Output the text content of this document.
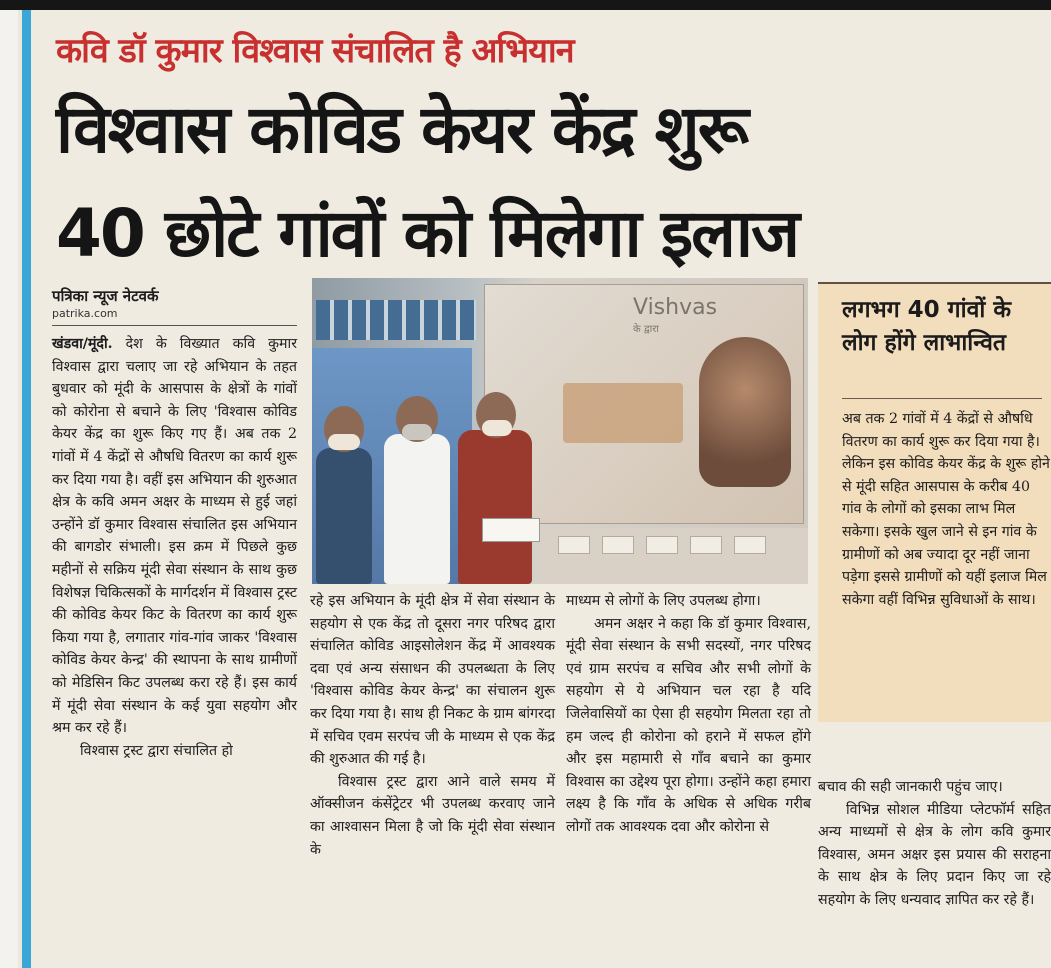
कवि डॉ कुमार विश्वास संचालित है अभियान
विश्वास कोविड केयर केंद्र शुरू
40 छोटे गांवों को मिलेगा इलाज
पत्रिका न्यूज नेटवर्क
patrika.com

खंडवा/मूंदी. देश के विख्यात कवि कुमार विश्वास द्वारा चलाए जा रहे अभियान के तहत बुधवार को मूंदी के आसपास के क्षेत्रों के गांवों को कोरोना से बचाने के लिए 'विश्वास कोविड केयर केंद्र का शुरू किए गए हैं। अब तक 2 गांवों में 4 केंद्रों से औषधि वितरण का कार्य शुरू कर दिया गया है। वहीं इस अभियान की शुरुआत क्षेत्र के कवि अमन अक्षर के माध्यम से हुई जहां उन्होंने डॉ कुमार विश्वास संचालित इस अभियान की बागडोर संभाली। इस क्रम में पिछले कुछ महीनों से सक्रिय मूंदी सेवा संस्थान के साथ कुछ विशेषज्ञ चिकित्सकों के मार्गदर्शन में विश्वास ट्रस्ट की कोविड केयर किट के वितरण का कार्य शुरू किया गया है, लगातार गांव-गांव जाकर 'विश्वास कोविड केयर केन्द्र' की स्थापना के साथ ग्रामीणों को मेडिसिन किट उपलब्ध करा रहे हैं। इस कार्य में मूंदी सेवा संस्थान के कई युवा सहयोग और श्रम कर रहे हैं।

विश्वास ट्रस्ट द्वारा संचालित हो

Vishvas
के द्वारा
लगभग 40 गांवों के लोग होंगे लाभान्वित

अब तक 2 गांवों में 4 केंद्रों से औषधि वितरण का कार्य शुरू कर दिया गया है। लेकिन इस कोविड केयर केंद्र के शुरू होने से मूंदी सहित आसपास के करीब 40 गांव के लोगों को इसका लाभ मिल सकेगा। इसके खुल जाने से इन गांव के ग्रामीणों को अब ज्यादा दूर नहीं जाना पड़ेगा इससे ग्रामीणों को यहीं इलाज मिल सकेगा वहीं विभिन्न सुविधाओं के साथ।

रहे इस अभियान के मूंदी क्षेत्र में सेवा संस्थान के सहयोग से एक केंद्र तो दूसरा नगर परिषद द्वारा संचालित कोविड आइसोलेशन केंद्र में आवश्यक दवा एवं अन्य संसाधन की उपलब्धता के लिए 'विश्वास कोविड केयर केन्द्र' का संचालन शुरू कर दिया गया है। साथ ही निकट के ग्राम बांगरदा में सचिव एवम सरपंच जी के माध्यम से एक केंद्र की शुरुआत की गई है।

विश्वास ट्रस्ट द्वारा आने वाले समय में ऑक्सीजन कंसेंट्रेटर भी उपलब्ध करवाए जाने का आश्वासन मिला है जो कि मूंदी सेवा संस्थान के

माध्यम से लोगों के लिए उपलब्ध होगा।

अमन अक्षर ने कहा कि डॉ कुमार विश्वास, मूंदी सेवा संस्थान के सभी सदस्यों, नगर परिषद एवं ग्राम सरपंच व सचिव और सभी लोगों के सहयोग से ये अभियान चल रहा है यदि जिलेवासियों का ऐसा ही सहयोग मिलता रहा तो हम जल्द ही कोरोना को हराने में सफल होंगे और इस महामारी से गाँव बचाने का कुमार विश्वास का उद्देश्य पूरा होगा। उन्होंने कहा हमारा लक्ष्य है कि गाँव के अधिक से अधिक गरीब लोगों तक आवश्यक दवा और कोरोना से

बचाव की सही जानकारी पहुंच जाए।

विभिन्न सोशल मीडिया प्लेटफॉर्म सहित अन्य माध्यमों से क्षेत्र के लोग कवि कुमार विश्वास, अमन अक्षर इस प्रयास की सराहना के साथ क्षेत्र के लिए प्रदान किए जा रहे सहयोग के लिए धन्यवाद ज्ञापित कर रहे हैं।
